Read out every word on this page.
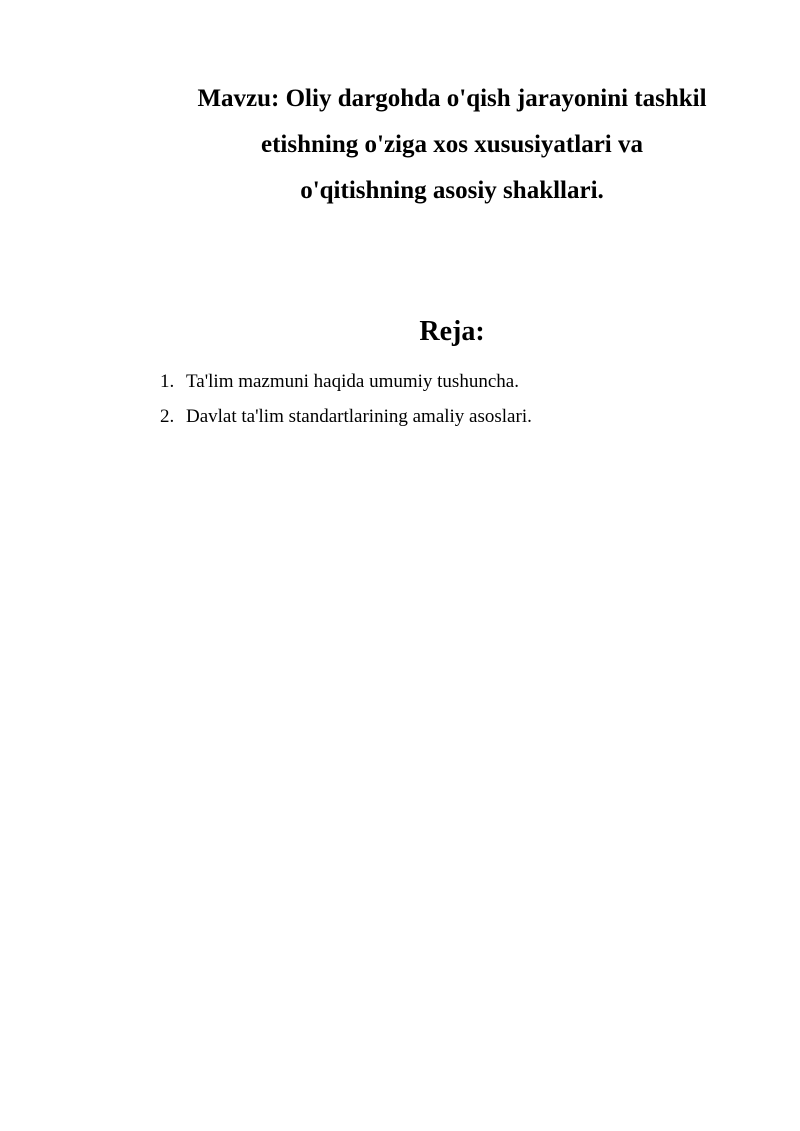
Mavzu: Oliy dargohda o'qish jarayonini tashkil
etishning o'ziga xos xususiyatlari va
o'qitishning asosiy shakllari.
Reja:
1. Ta'lim mazmuni haqida umumiy tushuncha.
2. Davlat ta'lim standartlarining amaliy asoslari.
